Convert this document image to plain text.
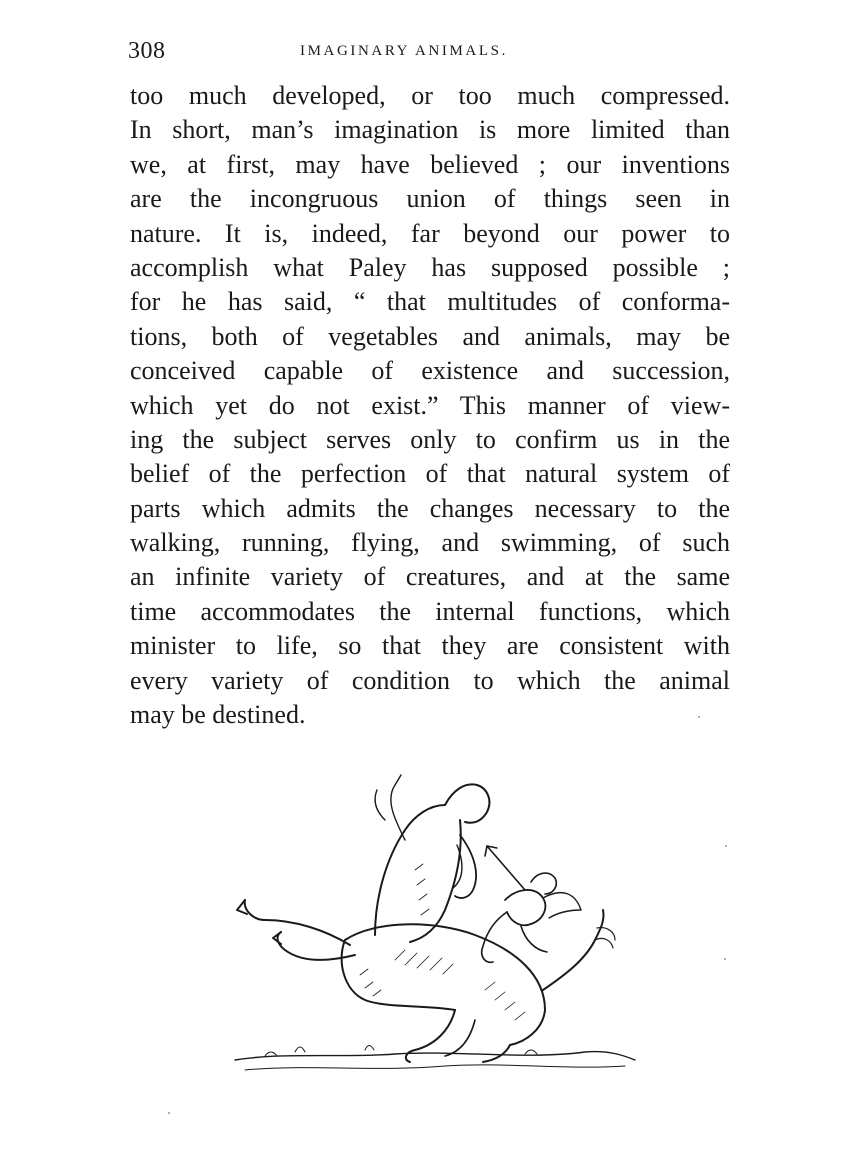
308	IMAGINARY ANIMALS.
too much developed, or too much compressed.
In short, man’s imagination is more limited than
we, at first, may have believed ; our inventions
are the incongruous union of things seen in
nature. It is, indeed, far beyond our power to
accomplish what Paley has supposed possible ;
for he has said, “ that multitudes of conforma-
tions, both of vegetables and animals, may be
conceived capable of existence and succession,
which yet do not exist.” This manner of view-
ing the subject serves only to confirm us in the
belief of the perfection of that natural system of
parts which admits the changes necessary to the
walking, running, flying, and swimming, of such
an infinite variety of creatures, and at the same
time accommodates the internal functions, which
minister to life, so that they are consistent with
every variety of condition to which the animal
may be destined.
